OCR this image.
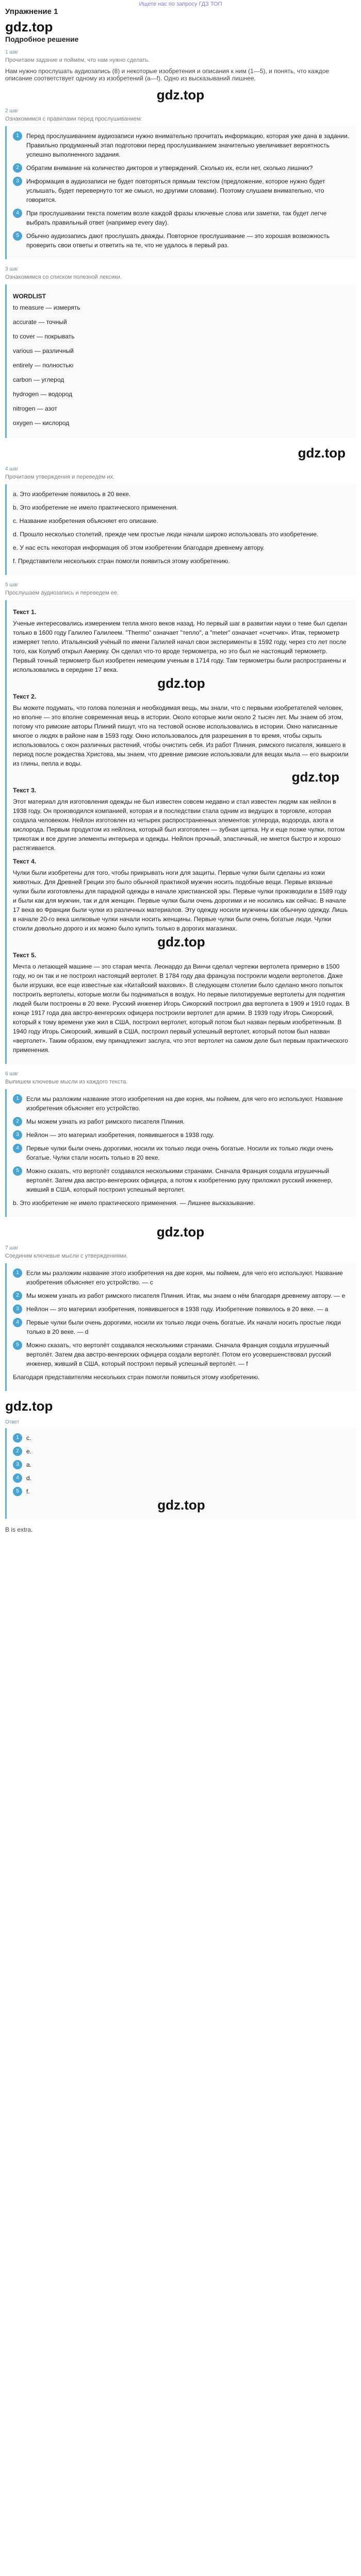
Ищете нас по запросу ГДЗ ТОП
Упражнение 1
gdz.top
Подробное решение
1 шаг
Прочитаем задание и поймём, что нам нужно сделать.
Нам нужно прослушать аудиозапись (8) и некоторые изобретения и описания к ним (1—5), и понять, что каждое описание соответствует одному из изобретений (a—f). Одно из высказываний лишнее.
gdz.top
2 шаг
Ознакомимся с правилами перед прослушиванием:
1	Перед прослушиванием аудиозаписи нужно внимательно прочитать информацию, которая уже дана в задании. Правильно продуманный этап подготовки перед прослушиванием значительно увеличивает вероятность успешно выполненного задания.
2	Обратим внимание на количество дикторов и утверждений. Сколько их, если нет, сколько лишних?
3	Информация в аудиозаписи не будет повторяться прямым текстом (предложение, которое нужно будет услышать, будет перевернуто тот же смысл, но другими словами). Поэтому слушаем внимательно, что говорится.
4	При прослушивании текста пометим возле каждой фразы ключевые слова или заметки, так будет легче выбрать правильный ответ (например every day).
5	Обычно аудиозапись дают прослушать дважды. Повторное прослушивание — это хорошая возможность проверить свои ответы и ответить на те, что не удалось в первый раз.
3 шаг
Ознакомимся со списком полезной лексики.
WORDLIST
to measure — измерять
accurate — точный
to cover — покрывать
various — различный
entirely — полностью
carbon — углерод
hydrogen — водород
nitrogen — азот
oxygen — кислород
gdz.top
4 шаг
Прочитаем утверждения и переведём их.

a. Это изобретение появилось в 20 веке.

b. Это изобретение не имело практического применения.

c. Название изобретения объясняет его описание.

d. Прошло несколько столетий, прежде чем простые люди начали широко использовать это изобретение.

e. У нас есть некоторая информация об этом изобретении благодаря древнему автору.

f. Представители нескольких стран помогли появиться этому изобретению.

5 шаг
Прослушаем аудиозапись и переведем ее.
Текст 1.

Ученые интересовались измерением тепла много веков назад. Но первый шаг в развитии науки о теме был сделан только в 1600 году Галилео Галилеем. "Thermo" означает "тепло", а "meter" означает «счетчик». Итак, термометр измеряет тепло. Итальянский учёный по имени Галилей начал свои эксперименты в 1592 году, через сто лет после того, как Колумб открыл Америку. Он сделал что-то вроде термометра, но это был не настоящий термометр. Первый точный термометр был изобретен немецким ученым в 1714 году. Там термометры были распространены и использовались в середине 17 века.

gdz.top
Текст 2.

Вы можете подумать, что голова полезная и необходимая вещь, мы знали, что с первыми изобретателей человек, но вполне — это вполне современная вещь в истории. Около которые жили около 2 тысяч лет. Мы знаем об этом, потому что римские авторы Плиний пишут, что на тестовой основе использовались в истории. Окно написанные многое о людях в районе нам в 1593 году. Окно использовалось для разрешения в то время, чтобы скрыть использовалось с окон различных растений, чтобы очистить себя. Из работ Плиния, римского писателя, жившего в период после рождества Христова, мы знаем, что древние римские использовали для вещах мыла — его выкроили из глины, пепла и воды.

gdz.top
Текст 3.

Этот материал для изготовления одежды не был известен совсем недавно и стал известен людям как нейлон в 1938 году. Он производился компанией, которая и в последствии стала одним из ведущих в торговле, которая создала человеком. Нейлон изготовлен из четырех распространенных элементов: углерода, водорода, азота и кислорода. Первым продуктом из нейлона, который был изготовлен — зубная щетка. Ну и еще позже чулки, потом трикотаж и все другие элементы интерьера и одежды. Нейлон прочный, эластичный, не мнется быстро и хорошо растягивается.

Текст 4.

Чулки были изобретены для того, чтобы прикрывать ноги для защиты. Первые чулки были сделаны из кожи животных. Для Древней Греции это было обычной практикой мужчин носить подобные вещи. Первые вязаные чулки были изготовлены для парадной одежды в начале христианской эры. Первые чулки производили в 1589 году и были как для мужчин, так и для женщин. Первые чулки были очень дорогими и не носились как сейчас. В начале 17 века во Франции были чулки из различных материалов. Эту одежду носили мужчины как обычную одежду. Лишь в начале 20-го века шелковые чулки начали носить женщины. Первые чулки были очень богатые люди. Чулки стоили довольно дорого и их можно было купить только в дорогих магазинах.

gdz.top
Текст 5.

Мечта о летающей машине — это старая мечта. Леонардо да Винчи сделал чертежи вертолета примерно в 1500 году, но он так и не построил настоящий вертолет. В 1784 году два француза построили модели вертолетов. Даже были игрушки, все еще известные как «Китайский маховик». В следующем столетии было сделано много попыток построить вертолеты, которые могли бы подниматься в воздух. Но первые пилотируемые вертолеты для поднятия людей были построены в 20 веке. Русский инженер Игорь Сикорский построил два вертолета в 1909 и 1910 годах. В конце 1917 года два австро-венгерских офицера построили вертолет для армии. В 1939 году Игорь Сикорский, который к тому времени уже жил в США, построил вертолет, который потом был назван первым изобретенным. В 1940 году Игорь Сикорский, живший в США, построил первый успешный вертолет, который потом был назван «вертолет». Таким образом, ему принадлежит заслуга, что этот вертолет на самом деле был первым практического применения.

6 шаг
Выпишем ключевые мысли из каждого текста.
1	Если мы разложим название этого изобретения на две корня, мы поймем, для чего его используют. Название изобретения объясняет его устройство.
2	Мы можем узнать из работ римского писателя Плиния.
3	Нейлон — это материал изобретения, появившегося в 1938 году.
4	Первые чулки были очень дорогими, носили их только люди очень богатые. Носили их только люди очень богатые. Чулки стали носить только в 20 веке.
5	Можно сказать, что вертолёт создавался несколькими странами. Сначала Франция создала игрушечный вертолёт. Затем два австро-венгерских офицера, а потом к изобретению руку приложил русский инженер, живший в США, который построил успешный вертолет.

b. Это изобретение не имело практического применения. — Лишнее высказывание.

gdz.top
7 шаг
Соединим ключевые мысли с утверждениями.
1	Если мы разложим название этого изобретения на две корня, мы поймем, для чего его используют. Название изобретения объясняет его устройство. — c
2	Мы можем узнать из работ римского писателя Плиния. Итак, мы знаем о нём благодаря древнему автору. — e
3	Нейлон — это материал изобретения, появившегося в 1938 году. Изобретение появилось в 20 веке. — a
4	Первые чулки были очень дорогими, носили их только люди очень богатые. Их начали носить простые люди только в 20 веке. — d
5	Можно сказать, что вертолёт создавался несколькими странами. Сначала Франция создала игрушечный вертолёт. Затем два австро-венгерских офицера создали вертолёт. Потом его усовершенствовал русский инженер, живший в США, который построил первый успешный вертолёт. — f

Благодаря представителям нескольких стран помогли появиться этому изобретению.

gdz.top
Ответ
1	c.
2	e.
3	a.
4	d.
5	f.
gdz.top
B is extra.
